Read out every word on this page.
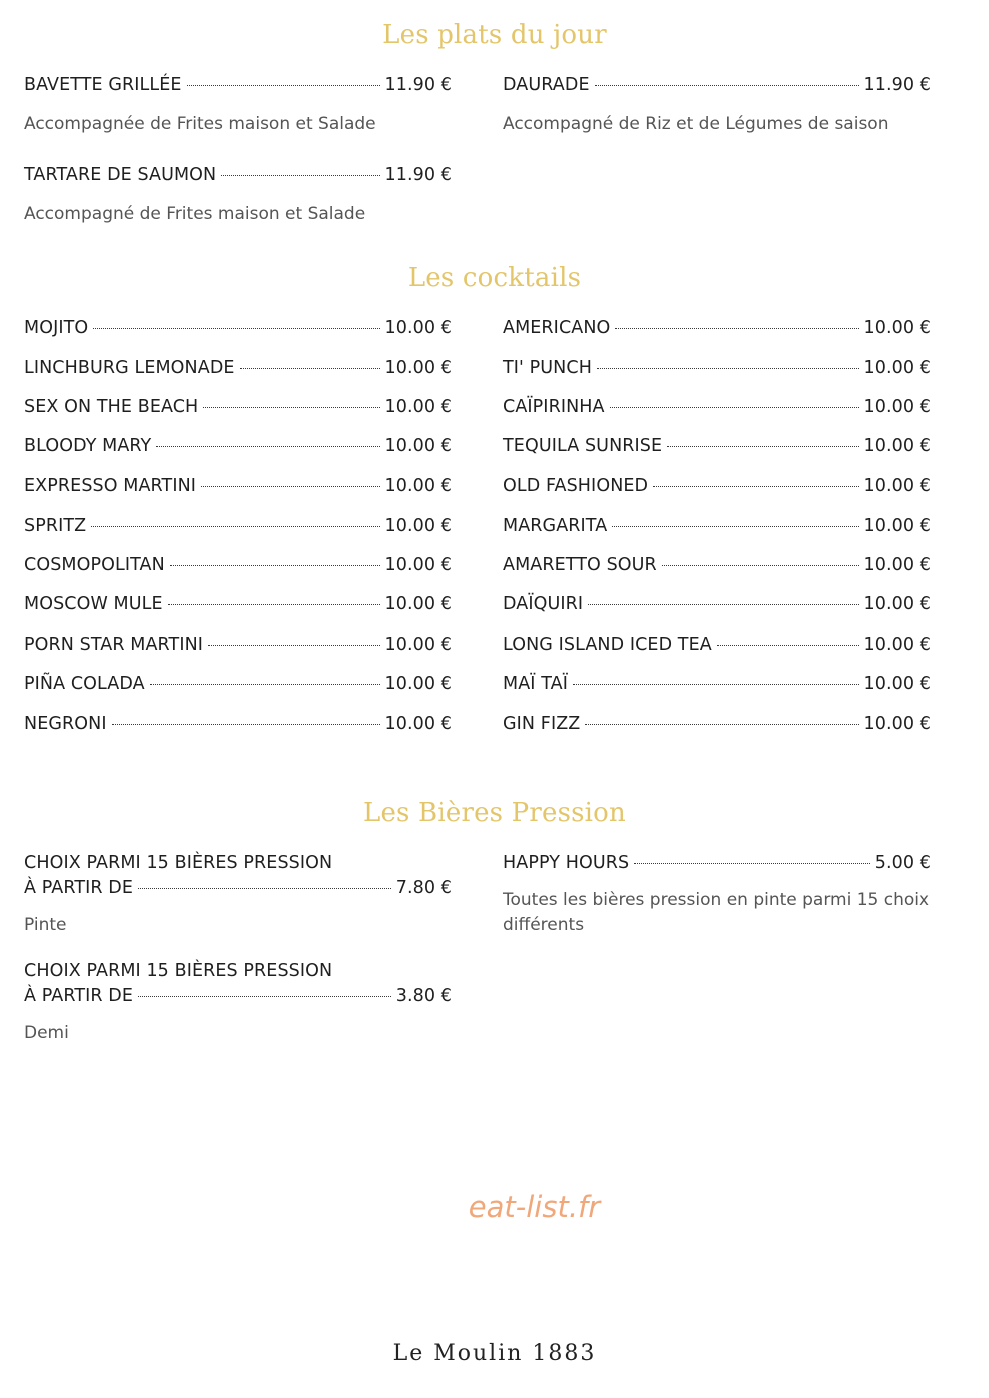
Les plats du jour
BAVETTE GRILLÉE	11.90 €
Accompagnée de Frites maison et Salade
DAURADE	11.90 €
Accompagné de Riz et de Légumes de saison
TARTARE DE SAUMON	11.90 €
Accompagné de Frites maison et Salade
Les cocktails
MOJITO	10.00 €
LINCHBURG LEMONADE	10.00 €
SEX ON THE BEACH	10.00 €
BLOODY MARY	10.00 €
EXPRESSO MARTINI	10.00 €
SPRITZ	10.00 €
COSMOPOLITAN	10.00 €
MOSCOW MULE	10.00 €
PORN STAR MARTINI	10.00 €
PIÑA COLADA	10.00 €
NEGRONI	10.00 €
AMERICANO	10.00 €
TI' PUNCH	10.00 €
CAÏPIRINHA	10.00 €
TEQUILA SUNRISE	10.00 €
OLD FASHIONED	10.00 €
MARGARITA	10.00 €
AMARETTO SOUR	10.00 €
DAÏQUIRI	10.00 €
LONG ISLAND ICED TEA	10.00 €
MAÏ TAÏ	10.00 €
GIN FIZZ	10.00 €
Les Bières Pression
CHOIX PARMI 15 BIÈRES PRESSION
À PARTIR DE	7.80 €
Pinte
HAPPY HOURS	5.00 €
Toutes les bières pression en pinte parmi 15 choix différents
CHOIX PARMI 15 BIÈRES PRESSION
À PARTIR DE	3.80 €
Demi
eat-list.fr
Le Moulin 1883
